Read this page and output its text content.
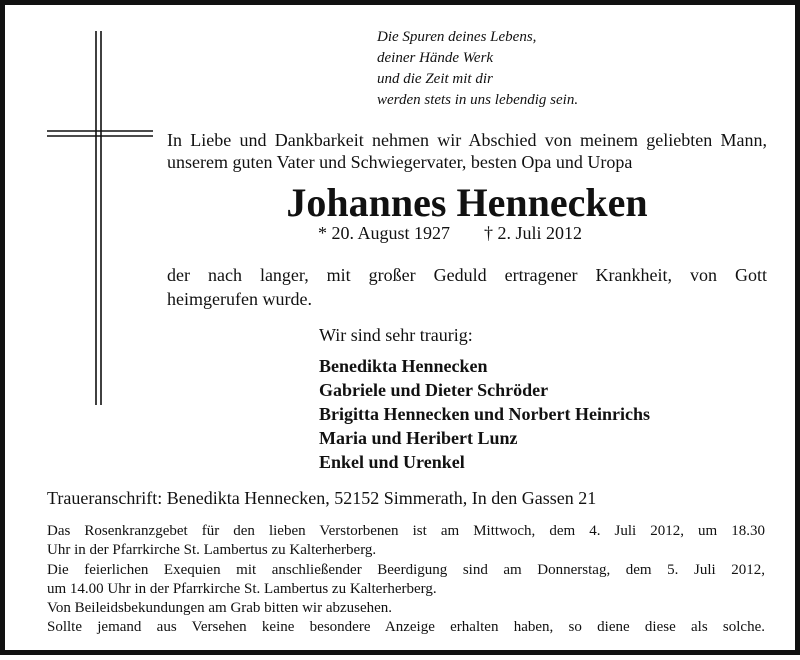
Die Spuren deines Lebens,
deiner Hände Werk
und die Zeit mit dir
werden stets in uns lebendig sein.
In Liebe und Dankbarkeit nehmen wir Abschied von meinem geliebten Mann, unserem guten Vater und Schwiegervater, besten Opa und Uropa
Johannes Hennecken
* 20. August 1927 † 2. Juli 2012
der nach langer, mit großer Geduld ertragener Krankheit, von Gott
heimgerufen wurde.
Wir sind sehr traurig:
Benedikta Hennecken
Gabriele und Dieter Schröder
Brigitta Hennecken und Norbert Heinrichs
Maria und Heribert Lunz
Enkel und Urenkel
Traueranschrift: Benedikta Hennecken, 52152 Simmerath, In den Gassen 21
Das Rosenkranzgebet für den lieben Verstorbenen ist am Mittwoch, dem 4. Juli 2012, um 18.30
Uhr in der Pfarrkirche St. Lambertus zu Kalterherberg.
Die feierlichen Exequien mit anschließender Beerdigung sind am Donnerstag, dem 5. Juli 2012,
um 14.00 Uhr in der Pfarrkirche St. Lambertus zu Kalterherberg.
Von Beileidsbekundungen am Grab bitten wir abzusehen.
Sollte jemand aus Versehen keine besondere Anzeige erhalten haben, so diene diese als solche.
